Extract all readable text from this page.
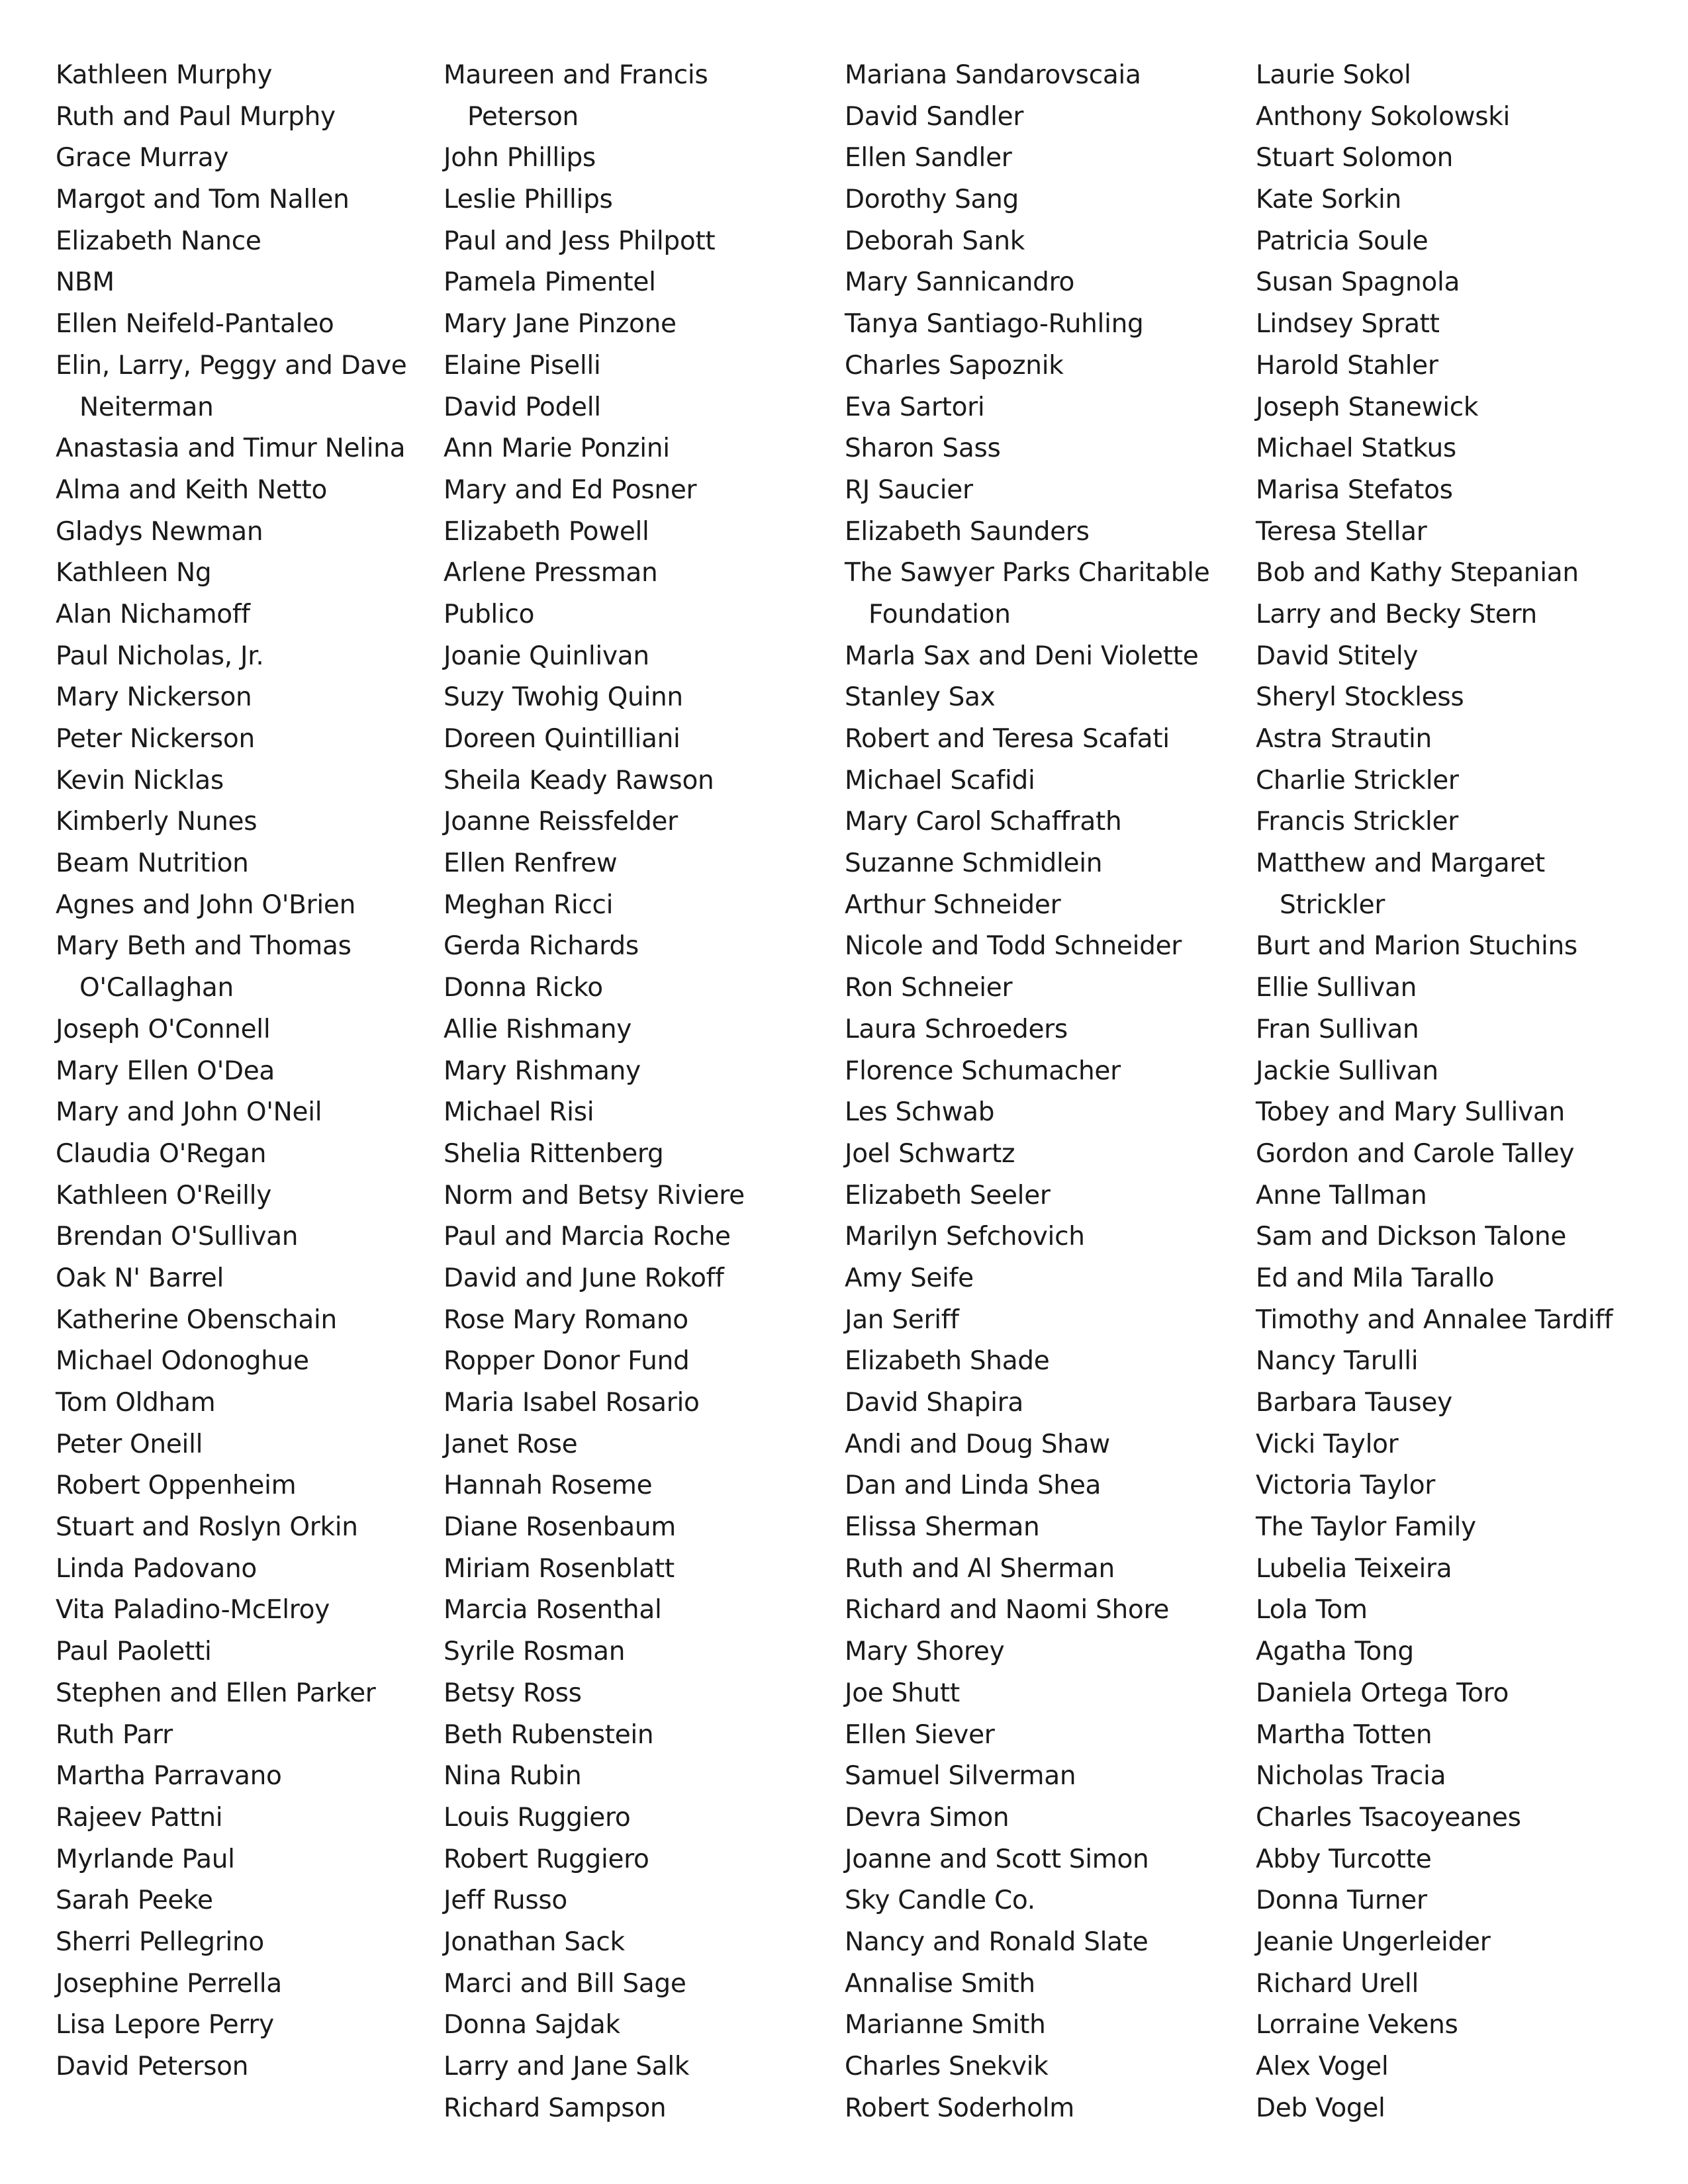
Kathleen Murphy
Ruth and Paul Murphy
Grace Murray
Margot and Tom Nallen
Elizabeth Nance
NBM
Ellen Neifeld-Pantaleo
Elin, Larry, Peggy and Dave
Neiterman
Anastasia and Timur Nelina
Alma and Keith Netto
Gladys Newman
Kathleen Ng
Alan Nichamoff
Paul Nicholas, Jr.
Mary Nickerson
Peter Nickerson
Kevin Nicklas
Kimberly Nunes
Beam Nutrition
Agnes and John O'Brien
Mary Beth and Thomas
O'Callaghan
Joseph O'Connell
Mary Ellen O'Dea
Mary and John O'Neil
Claudia O'Regan
Kathleen O'Reilly
Brendan O'Sullivan
Oak N' Barrel
Katherine Obenschain
Michael Odonoghue
Tom Oldham
Peter Oneill
Robert Oppenheim
Stuart and Roslyn Orkin
Linda Padovano
Vita Paladino-McElroy
Paul Paoletti
Stephen and Ellen Parker
Ruth Parr
Martha Parravano
Rajeev Pattni
Myrlande Paul
Sarah Peeke
Sherri Pellegrino
Josephine Perrella
Lisa Lepore Perry
David Peterson
Maureen and Francis
Peterson
John Phillips
Leslie Phillips
Paul and Jess Philpott
Pamela Pimentel
Mary Jane Pinzone
Elaine Piselli
David Podell
Ann Marie Ponzini
Mary and Ed Posner
Elizabeth Powell
Arlene Pressman
Publico
Joanie Quinlivan
Suzy Twohig Quinn
Doreen Quintilliani
Sheila Keady Rawson
Joanne Reissfelder
Ellen Renfrew
Meghan Ricci
Gerda Richards
Donna Ricko
Allie Rishmany
Mary Rishmany
Michael Risi
Shelia Rittenberg
Norm and Betsy Riviere
Paul and Marcia Roche
David and June Rokoff
Rose Mary Romano
Ropper Donor Fund
Maria Isabel Rosario
Janet Rose
Hannah Roseme
Diane Rosenbaum
Miriam Rosenblatt
Marcia Rosenthal
Syrile Rosman
Betsy Ross
Beth Rubenstein
Nina Rubin
Louis Ruggiero
Robert Ruggiero
Jeff Russo
Jonathan Sack
Marci and Bill Sage
Donna Sajdak
Larry and Jane Salk
Richard Sampson
Mariana Sandarovscaia
David Sandler
Ellen Sandler
Dorothy Sang
Deborah Sank
Mary Sannicandro
Tanya Santiago-Ruhling
Charles Sapoznik
Eva Sartori
Sharon Sass
RJ Saucier
Elizabeth Saunders
The Sawyer Parks Charitable
Foundation
Marla Sax and Deni Violette
Stanley Sax
Robert and Teresa Scafati
Michael Scafidi
Mary Carol Schaffrath
Suzanne Schmidlein
Arthur Schneider
Nicole and Todd Schneider
Ron Schneier
Laura Schroeders
Florence Schumacher
Les Schwab
Joel Schwartz
Elizabeth Seeler
Marilyn Sefchovich
Amy Seife
Jan Seriff
Elizabeth Shade
David Shapira
Andi and Doug Shaw
Dan and Linda Shea
Elissa Sherman
Ruth and Al Sherman
Richard and Naomi Shore
Mary Shorey
Joe Shutt
Ellen Siever
Samuel Silverman
Devra Simon
Joanne and Scott Simon
Sky Candle Co.
Nancy and Ronald Slate
Annalise Smith
Marianne Smith
Charles Snekvik
Robert Soderholm
Laurie Sokol
Anthony Sokolowski
Stuart Solomon
Kate Sorkin
Patricia Soule
Susan Spagnola
Lindsey Spratt
Harold Stahler
Joseph Stanewick
Michael Statkus
Marisa Stefatos
Teresa Stellar
Bob and Kathy Stepanian
Larry and Becky Stern
David Stitely
Sheryl Stockless
Astra Strautin
Charlie Strickler
Francis Strickler
Matthew and Margaret
Strickler
Burt and Marion Stuchins
Ellie Sullivan
Fran Sullivan
Jackie Sullivan
Tobey and Mary Sullivan
Gordon and Carole Talley
Anne Tallman
Sam and Dickson Talone
Ed and Mila Tarallo
Timothy and Annalee Tardiff
Nancy Tarulli
Barbara Tausey
Vicki Taylor
Victoria Taylor
The Taylor Family
Lubelia Teixeira
Lola Tom
Agatha Tong
Daniela Ortega Toro
Martha Totten
Nicholas Tracia
Charles Tsacoyeanes
Abby Turcotte
Donna Turner
Jeanie Ungerleider
Richard Urell
Lorraine Vekens
Alex Vogel
Deb Vogel
